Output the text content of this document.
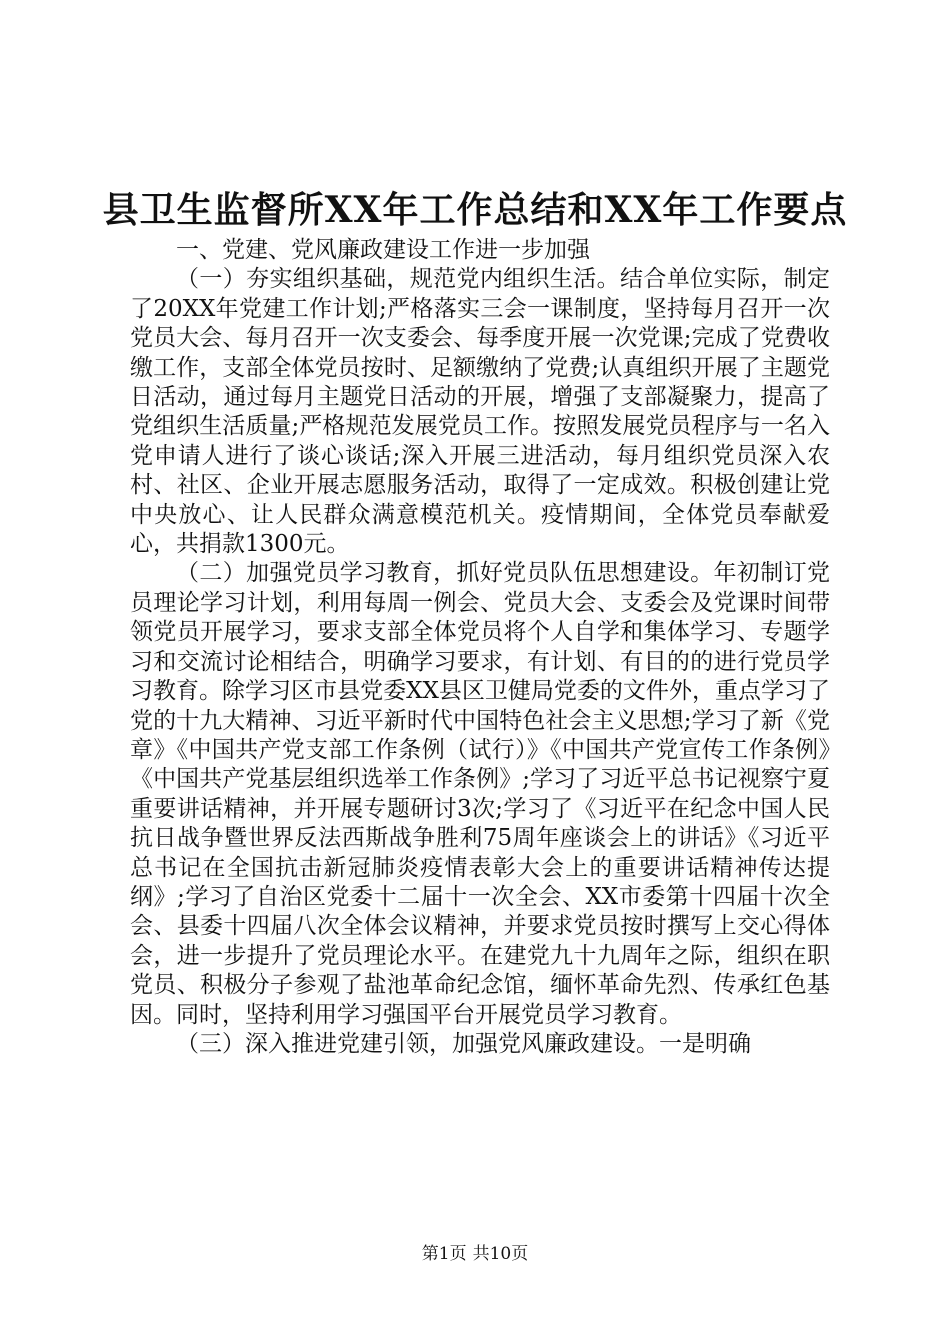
县卫生监督所XX年工作总结和XX年工作要点

一、党建、党风廉政建设工作进一步加强

（一）夯实组织基础，规范党内组织生活。结合单位实际，制定了20XX年党建工作计划;严格落实三会一课制度，坚持每月召开一次党员大会、每月召开一次支委会、每季度开展一次党课;完成了党费收缴工作，支部全体党员按时、足额缴纳了党费;认真组织开展了主题党日活动，通过每月主题党日活动的开展，增强了支部凝聚力，提高了党组织生活质量;严格规范发展党员工作。按照发展党员程序与一名入党申请人进行了谈心谈话;深入开展三进活动，每月组织党员深入农村、社区、企业开展志愿服务活动，取得了一定成效。积极创建让党中央放心、让人民群众满意模范机关。疫情期间，全体党员奉献爱心，共捐款1300元。

（二）加强党员学习教育，抓好党员队伍思想建设。年初制订党员理论学习计划，利用每周一例会、党员大会、支委会及党课时间带领党员开展学习，要求支部全体党员将个人自学和集体学习、专题学习和交流讨论相结合，明确学习要求，有计划、有目的的进行党员学习教育。除学习区市县党委XX县区卫健局党委的文件外，重点学习了党的十九大精神、习近平新时代中国特色社会主义思想;学习了新《党章》《中国共产党支部工作条例（试行）》《中国共产党宣传工作条例》《中国共产党基层组织选举工作条例》;学习了习近平总书记视察宁夏重要讲话精神，并开展专题研讨3次;学习了《习近平在纪念中国人民抗日战争暨世界反法西斯战争胜利75周年座谈会上的讲话》《习近平总书记在全国抗击新冠肺炎疫情表彰大会上的重要讲话精神传达提纲》;学习了自治区党委十二届十一次全会、XX市委第十四届十次全会、县委十四届八次全体会议精神，并要求党员按时撰写上交心得体会，进一步提升了党员理论水平。在建党九十九周年之际，组织在职党员、积极分子参观了盐池革命纪念馆，缅怀革命先烈、传承红色基因。同时，坚持利用学习强国平台开展党员学习教育。

（三）深入推进党建引领，加强党风廉政建设。一是明确

第1页 共10页
